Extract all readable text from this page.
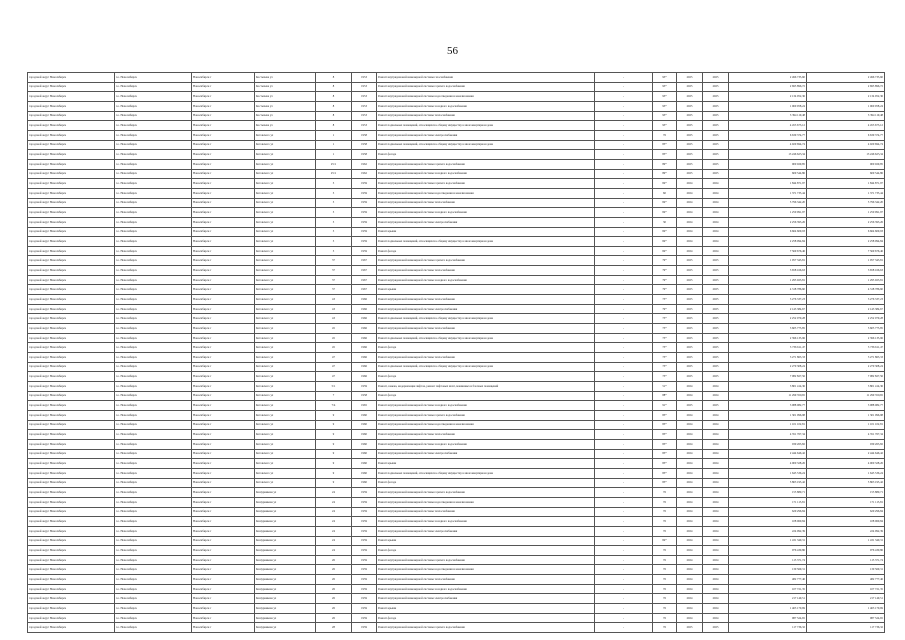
56
городской округ Новосибирск	г.о. Новосибирск	Новосибирск г	Костычева ул	8	1953	Ремонт внутридомовой инженерной системы газоснабжения	-	93*	2025	2025	2 496 735,60	2 496 735,60
городской округ Новосибирск	г.о. Новосибирск	Новосибирск г	Костычева ул	8	1953	Ремонт внутридомовой инженерной системы горячего водоснабжения	-	93*	2025	2025	2 695 896,72	2 695 896,72
городской округ Новосибирск	г.о. Новосибирск	Новосибирск г	Костычева ул	8	1953	Ремонт внутридомовой инженерной системы водоотведения и канализования	-	93*	2025	2025	2 134 952,36	2 134 952,36
городской округ Новосибирск	г.о. Новосибирск	Новосибирск г	Костычева ул	8	1953	Ремонт внутридомовой инженерной системы холодного водоснабжения	-	93*	2025	2025	1 960 958,24	1 960 958,24
городской округ Новосибирск	г.о. Новосибирск	Новосибирск г	Костычева ул	8	1953	Ремонт внутридомовой инженерной системы теплоснабжения	-	93*	2025	2025	3 394 119,48	3 394 119,48
городской округ Новосибирск	г.о. Новосибирск	Новосибирск г	Костычева ул	8	1953	Ремонт подвальных помещений, относящихся к общему имуществу в многоквартирном доме	-	93*	2025	2025	4 453 673,12	4 453 673,12
городской округ Новосибирск	г.о. Новосибирск	Новосибирск г	Котовского ул	1	1958	Ремонт внутридомовой инженерной системы электроснабжения	-	76	2025	2025	6 639 374,77	6 639 374,77
городской округ Новосибирск	г.о. Новосибирск	Новосибирск г	Котовского ул	1	1958	Ремонт подвальных помещений, относящихся к общему имуществу в многоквартирном доме	-	85*	2025	2025	4 920 694,74	4 920 694,74
городской округ Новосибирск	г.о. Новосибирск	Новосибирск г	Котовского ул	1	1958	Ремонт фасада	-	85*	2025	2025	13 246 625,34	13 246 625,34
городской округ Новосибирск	г.о. Новосибирск	Новосибирск г	Котовского ул	25/1	1962	Ремонт внутридомовой инженерной системы горячего водоснабжения	-	89*	2025	2025	900 029,85	900 029,85
городской округ Новосибирск	г.о. Новосибирск	Новосибирск г	Котовского ул	25/1	1962	Ремонт внутридомовой инженерной системы холодного водоснабжения	-	89*	2025	2025	609 544,86	609 544,86
городской округ Новосибирск	г.о. Новосибирск	Новосибирск г	Котовского ул	5	1959	Ремонт внутридомовой инженерной системы горячего водоснабжения	-	84*	2024	2024	1 844 871,97	1 844 871,97
городской округ Новосибирск	г.о. Новосибирск	Новосибирск г	Котовского ул	5	1959	Ремонт внутридомовой инженерной системы водоотведения и канализования	-	60	2024	2024	1 371 735,44	1 371 735,44
городской округ Новосибирск	г.о. Новосибирск	Новосибирск г	Котовского ул	5	1959	Ремонт внутридомовой инженерной системы теплоснабжения	-	84*	2024	2024	5 796 342,20	5 796 342,20
городской округ Новосибирск	г.о. Новосибирск	Новосибирск г	Котовского ул	5	1959	Ремонт внутридомовой инженерной системы холодного водоснабжения	-	84*	2024	2024	1 250 991,97	1 250 991,97
городской округ Новосибирск	г.о. Новосибирск	Новосибирск г	Котовского ул	5	1959	Ремонт внутридомовой инженерной системы электроснабжения	-	30	2024	2024	2 256 393,26	2 256 393,26
городской округ Новосибирск	г.о. Новосибирск	Новосибирск г	Котовского ул	5	1959	Ремонт крыши	-	84*	2024	2024	6 664 609,93	6 664 609,93
городской округ Новосибирск	г.о. Новосибирск	Новосибирск г	Котовского ул	5	1959	Ремонт подвальных помещений, относящихся к общему имуществу в многоквартирном доме	-	84*	2024	2024	2 258 094,84	2 258 094,84
городской округ Новосибирск	г.о. Новосибирск	Новосибирск г	Котовского ул	5	1959	Ремонт фасада	-	84*	2024	2024	7 569 676,46	7 569 676,46
городской округ Новосибирск	г.о. Новосибирск	Новосибирск г	Котовского ул	37	1967	Ремонт внутридомовой инженерной системы горячего водоснабжения	-	79*	2025	2025	1 057 343,81	1 057 343,81
городской округ Новосибирск	г.о. Новосибирск	Новосибирск г	Котовского ул	37	1967	Ремонт внутридомовой инженерной системы теплоснабжения	-	79*	2025	2025	3 658 166,63	3 658 166,63
городской округ Новосибирск	г.о. Новосибирск	Новосибирск г	Котовского ул	37	1967	Ремонт внутридомовой инженерной системы холодного водоснабжения	-	79*	2025	2025	1 295 923,81	1 295 923,81
городской округ Новосибирск	г.о. Новосибирск	Новосибирск г	Котовского ул	37	1967	Ремонт крыши	-	79*	2025	2025	4 318 786,60	4 318 786,60
городской округ Новосибирск	г.о. Новосибирск	Новосибирск г	Котовского ул	43	1966	Ремонт внутридомовой инженерной системы теплоснабжения	-	75*	2025	2025	3 276 337,23	3 276 337,23
городской округ Новосибирск	г.о. Новосибирск	Новосибирск г	Котовского ул	43	1966	Ремонт внутридомовой инженерной системы электроснабжения	-	79*	2025	2025	2 143 384,67	2 143 384,67
городской округ Новосибирск	г.о. Новосибирск	Новосибирск г	Котовского ул	43	1966	Ремонт подвальных помещений, относящихся к общему имуществу в многоквартирном доме	-	75*	2025	2025	2 252 079,28	2 252 079,28
городской округ Новосибирск	г.о. Новосибирск	Новосибирск г	Котовского ул	45	1966	Ремонт внутридомовой инженерной системы теплоснабжения	-	75*	2025	2025	3 605 775,85	3 605 775,85
городской округ Новосибирск	г.о. Новосибирск	Новосибирск г	Котовского ул	45	1966	Ремонт подвальных помещений, относящихся к общему имуществу в многоквартирном доме	-	75*	2025	2025	2 396 135,96	2 396 135,96
городской округ Новосибирск	г.о. Новосибирск	Новосибирск г	Котовского ул	45	1966	Ремонт фасада	-	75*	2025	2025	3 736 611,47	3 736 611,47
городской округ Новосибирск	г.о. Новосибирск	Новосибирск г	Котовского ул	47	1966	Ремонт внутридомовой инженерной системы теплоснабжения	-	75*	2025	2025	3 271 863,33	3 271 863,33
городской округ Новосибирск	г.о. Новосибирск	Новосибирск г	Котовского ул	47	1966	Ремонт подвальных помещений, относящихся к общему имуществу в многоквартирном доме	-	75*	2025	2025	2 270 308,24	2 270 308,24
городской округ Новосибирск	г.о. Новосибирск	Новосибирск г	Котовского ул	47	1966	Ремонт фасада	-	75*	2025	2025	7 082 827,56	7 082 827,56
городской округ Новосибирск	г.о. Новосибирск	Новосибирск г	Котовского ул	5/1	1959	Ремонт, замена, модернизация лифтов, ремонт лифтовых шахт, машинных и блочных помещений	-	51*	2024	2024	3 801 414,36	3 801 414,36
городской округ Новосибирск	г.о. Новосибирск	Новосибирск г	Котовского ул	7	1958	Ремонт фасада	-	88*	2024	2024	11 299 350,65	11 299 350,65
городской округ Новосибирск	г.о. Новосибирск	Новосибирск г	Котовского ул	7/4	1965	Ремонт внутридомовой инженерной системы холодного водоснабжения	-	91*	2025	2025	3 988 982,77	3 988 982,77
городской округ Новосибирск	г.о. Новосибирск	Новосибирск г	Котовского ул	9	1960	Ремонт внутридомовой инженерной системы горячего водоснабжения	-	83*	2024	2024	1 301 096,98	1 301 096,98
городской округ Новосибирск	г.о. Новосибирск	Новосибирск г	Котовского ул	9	1960	Ремонт внутридомовой инженерной системы водоотведения и канализования	-	83*	2024	2024	1 101 102,81	1 101 102,81
городской округ Новосибирск	г.о. Новосибирск	Новосибирск г	Котовского ул	9	1960	Ремонт внутридомовой инженерной системы теплоснабжения	-	83*	2024	2024	4 351 767,34	4 351 767,34
городской округ Новосибирск	г.о. Новосибирск	Новосибирск г	Котовского ул	9	1960	Ремонт внутридомовой инженерной системы холодного водоснабжения	-	83*	2024	2024	939 263,82	939 263,82
городской округ Новосибирск	г.о. Новосибирск	Новосибирск г	Котовского ул	9	1960	Ремонт внутридомовой инженерной системы электроснабжения	-	83*	2024	2024	2 444 646,42	2 444 646,42
городской округ Новосибирск	г.о. Новосибирск	Новосибирск г	Котовского ул	9	1960	Ремонт крыши	-	83*	2024	2024	4 900 328,26	4 900 328,26
городской округ Новосибирск	г.о. Новосибирск	Новосибирск г	Котовского ул	9	1960	Ремонт подвальных помещений, относящихся к общему имуществу в многоквартирном доме	-	83*	2024	2024	1 645 536,24	1 645 536,24
городской округ Новосибирск	г.о. Новосибирск	Новосибирск г	Котовского ул	9	1960	Ремонт фасада	-	83*	2024	2024	5 863 195,42	5 863 195,42
городской округ Новосибирск	г.о. Новосибирск	Новосибирск г	Кошурникова ул	24	1959	Ремонт внутридомовой инженерной системы горячего водоснабжения	-	76	2024	2024	155 880,71	155 880,71
городской округ Новосибирск	г.о. Новосибирск	Новосибирск г	Кошурникова ул	24	1959	Ремонт внутридомовой инженерной системы водоотведения и канализования	-	76	2024	2024	171 115,81	171 115,81
городской округ Новосибирск	г.о. Новосибирск	Новосибирск г	Кошурникова ул	24	1959	Ремонт внутридомовой инженерной системы теплоснабжения	-	76	2024	2024	629 296,84	629 296,84
городской округ Новосибирск	г.о. Новосибирск	Новосибирск г	Кошурникова ул	24	1959	Ремонт внутридомовой инженерной системы холодного водоснабжения	-	76	2024	2024	108 060,84	108 060,84
городской округ Новосибирск	г.о. Новосибирск	Новосибирск г	Кошурникова ул	24	1959	Ремонт внутридомовой инженерной системы электроснабжения	-	76	2024	2024	224 992,39	224 992,39
городской округ Новосибирск	г.о. Новосибирск	Новосибирск г	Кошурникова ул	24	1959	Ремонт крыши	-	84*	2024	2024	1 431 340,31	1 431 340,31
городской округ Новосибирск	г.о. Новосибирск	Новосибирск г	Кошурникова ул	24	1959	Ремонт фасада	-	76	2024	2024	976 430,86	976 430,86
городской округ Новосибирск	г.о. Новосибирск	Новосибирск г	Кошурникова ул	26	1959	Ремонт внутридомовой инженерной системы горячего водоснабжения	-	76	2024	2024	115 371,74	115 371,74
городской округ Новосибирск	г.о. Новосибирск	Новосибирск г	Кошурникова ул	26	1959	Ремонт внутридомовой инженерной системы водоотведения и канализования	-	76	2024	2024	130 569,31	130 569,31
городской округ Новосибирск	г.о. Новосибирск	Новосибирск г	Кошурникова ул	26	1959	Ремонт внутридомовой инженерной системы теплоснабжения	-	76	2024	2024	482 777,46	482 777,46
городской округ Новосибирск	г.о. Новосибирск	Новосибирск г	Кошурникова ул	26	1959	Ремонт внутридомовой инженерной системы холодного водоснабжения	-	76	2024	2024	107 721,35	107 721,35
городской округ Новосибирск	г.о. Новосибирск	Новосибирск г	Кошурникова ул	26	1959	Ремонт внутридомовой инженерной системы электроснабжения	-	76	2024	2024	217 149,51	217 149,51
городской округ Новосибирск	г.о. Новосибирск	Новосибирск г	Кошурникова ул	26	1959	Ремонт крыши	-	76	2024	2024	1 463 170,69	1 463 170,69
городской округ Новосибирск	г.о. Новосибирск	Новосибирск г	Кошурникова ул	26	1959	Ремонт фасада	-	76	2024	2024	987 524,65	987 524,65
городской округ Новосибирск	г.о. Новосибирск	Новосибирск г	Кошурникова ул	28	1959	Ремонт внутридомовой инженерной системы горячего водоснабжения	-	76	2025	2025	117 736,32	117 736,32
